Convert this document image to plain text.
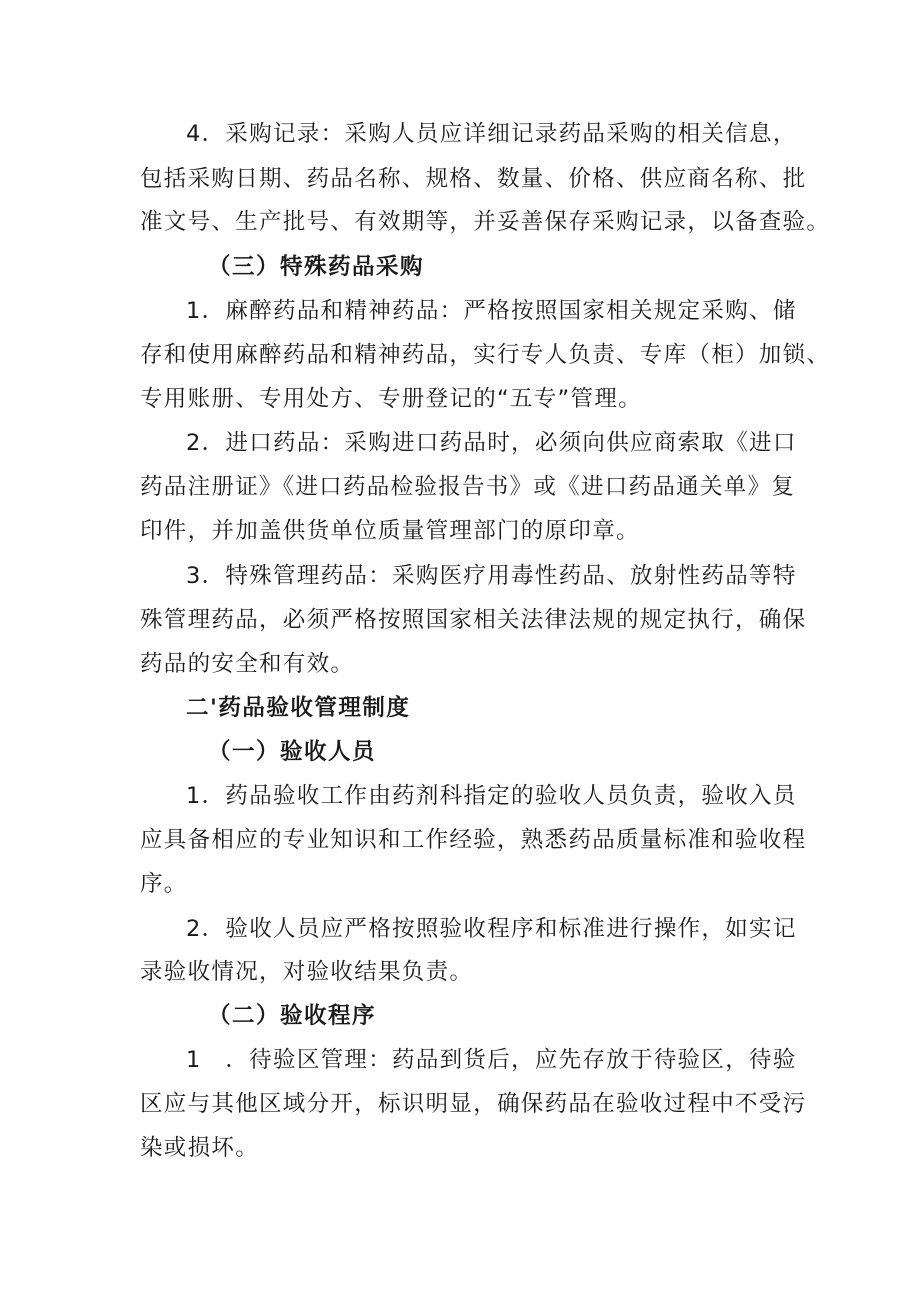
4．采购记录：采购人员应详细记录药品采购的相关信息，
包括采购日期、药品名称、规格、数量、价格、供应商名称、批
准文号、生产批号、有效期等，并妥善保存采购记录，以备查验。
（三）特殊药品采购
1．麻醉药品和精神药品：严格按照国家相关规定采购、储
存和使用麻醉药品和精神药品，实行专人负责、专库（柜）加锁、
专用账册、专用处方、专册登记的“五专”管理。
2．进口药品：采购进口药品时，必须向供应商索取《进口
药品注册证》《进口药品检验报告书》或《进口药品通关单》复
印件，并加盖供货单位质量管理部门的原印章。
3．特殊管理药品：采购医疗用毒性药品、放射性药品等特
殊管理药品，必须严格按照国家相关法律法规的规定执行，确保
药品的安全和有效。
二'药品验收管理制度
（一）验收人员
1．药品验收工作由药剂科指定的验收人员负责，验收入员
应具备相应的专业知识和工作经验，熟悉药品质量标准和验收程
序。
2．验收人员应严格按照验收程序和标准进行操作，如实记
录验收情况，对验收结果负责。
（二）验收程序
1　．待验区管理：药品到货后，应先存放于待验区，待验
区应与其他区域分开，标识明显，确保药品在验收过程中不受污
染或损坏。
